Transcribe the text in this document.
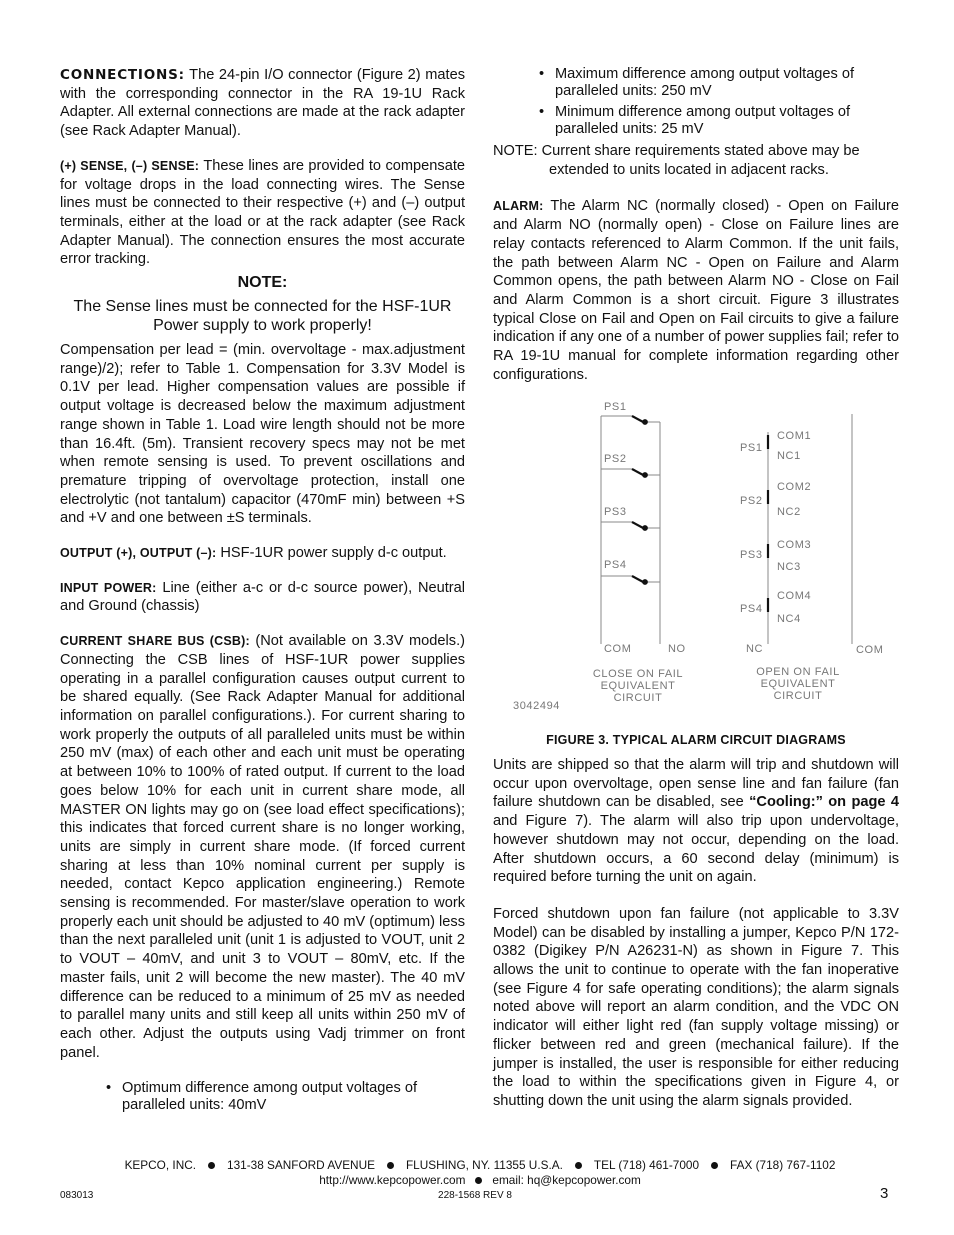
CONNECTIONS: The 24-pin I/O connector (Figure 2) mates with the corresponding connector in the RA 19-1U Rack Adapter. All external connections are made at the rack adapter (see Rack Adapter Manual).

(+) SENSE, (–) SENSE: These lines are provided to compensate for voltage drops in the load connecting wires. The Sense lines must be connected to their respective (+) and (–) output terminals, either at the load or at the rack adapter (see Rack Adapter Manual). The connection ensures the most accurate error tracking.

NOTE:
The Sense lines must be connected for the HSF-1UR Power supply to work properly!

Compensation per lead = (min. overvoltage - max.adjustment range)/2); refer to Table 1. Compensation for 3.3V Model is 0.1V per lead. Higher compensation values are possible if output voltage is decreased below the maximum adjustment range shown in Table 1. Load wire length should not be more than 16.4ft. (5m). Transient recovery specs may not be met when remote sensing is used. To prevent oscillations and premature tripping of overvoltage protection, install one electrolytic (not tantalum) capacitor (470mF min) between +S and +V and one between ±S terminals.

OUTPUT (+), OUTPUT (–): HSF-1UR power supply d-c output.

INPUT POWER: Line (either a-c or d-c source power), Neutral and Ground (chassis)

CURRENT SHARE BUS (CSB): (Not available on 3.3V models.) Connecting the CSB lines of HSF-1UR power supplies operating in a parallel configuration causes output current to be shared equally. (See Rack Adapter Manual for additional information on parallel configurations.). For current sharing to work properly the outputs of all paralleled units must be within 250 mV (max) of each other and each unit must be operating at between 10% to 100% of rated output. If current to the load goes below 10% for each unit in current share mode, all MASTER ON lights may go on (see load effect specifications); this indicates that forced current share is no longer working, units are simply in current share mode. (If forced current sharing at less than 10% nominal current per supply is needed, contact Kepco application engineering.) Remote sensing is recommended. For master/slave operation to work properly each unit should be adjusted to 40 mV (optimum) less than the next paralleled unit (unit 1 is adjusted to VOUT, unit 2 to VOUT – 40mV, and unit 3 to VOUT – 80mV, etc. If the master fails, unit 2 will become the new master). The 40 mV difference can be reduced to a minimum of 25 mV as needed to parallel many units and still keep all units within 250 mV of each other. Adjust the outputs using Vadj trimmer on front panel.

• Optimum difference among output voltages of paralleled units: 40mV
• Maximum difference among output voltages of paralleled units: 250 mV
• Minimum difference among output voltages of paralleled units: 25 mV
NOTE: Current share requirements stated above may be
extended to units located in adjacent racks.

ALARM: The Alarm NC (normally closed) - Open on Failure and Alarm NO (normally open) - Close on Failure lines are relay contacts referenced to Alarm Common. If the unit fails, the path between Alarm NC - Open on Failure and Alarm Common opens, the path between Alarm NO - Close on Fail and Alarm Common is a short circuit. Figure 3 illustrates typical Close on Fail and Open on Fail circuits to give a failure indication if any one of a number of power supplies fail; refer to RA 19-1U manual for complete information regarding other configurations.

PS1
PS2
PS3
PS4
COM	NO
CLOSE ON FAIL
EQUIVALENT
CIRCUIT
PS1
PS2
PS3
PS4
COM1
NC1
COM2
NC2
COM3
NC3
COM4
NC4
NC	COM
OPEN ON FAIL
EQUIVALENT
CIRCUIT
3042494
FIGURE 3. TYPICAL ALARM CIRCUIT DIAGRAMS

Units are shipped so that the alarm will trip and shutdown will occur upon overvoltage, open sense line and fan failure (fan failure shutdown can be disabled, see “Cooling:” on page 4 and Figure 7). The alarm will also trip upon undervoltage, however shutdown may not occur, depending on the load. After shutdown occurs, a 60 second delay (minimum) is required before turning the unit on again.

Forced shutdown upon fan failure (not applicable to 3.3V Model) can be disabled by installing a jumper, Kepco P/N 172-0382 (Digikey P/N A26231-N) as shown in Figure 7. This allows the unit to continue to operate with the fan inoperative (see Figure 4 for safe operating conditions); the alarm signals noted above will report an alarm condition, and the VDC ON indicator will either light red (fan supply voltage missing) or flicker between red and green (mechanical failure). If the jumper is installed, the user is responsible for either reducing the load to within the specifications given in Figure 4, or shutting down the unit using the alarm signals provided.

KEPCO, INC.	131-38 SANFORD AVENUE	FLUSHING, NY. 11355 U.S.A.	TEL (718) 461-7000	FAX (718) 767-1102
http://www.kepcopower.com email: hq@kepcopower.com
083013	228-1568 REV 8	3
